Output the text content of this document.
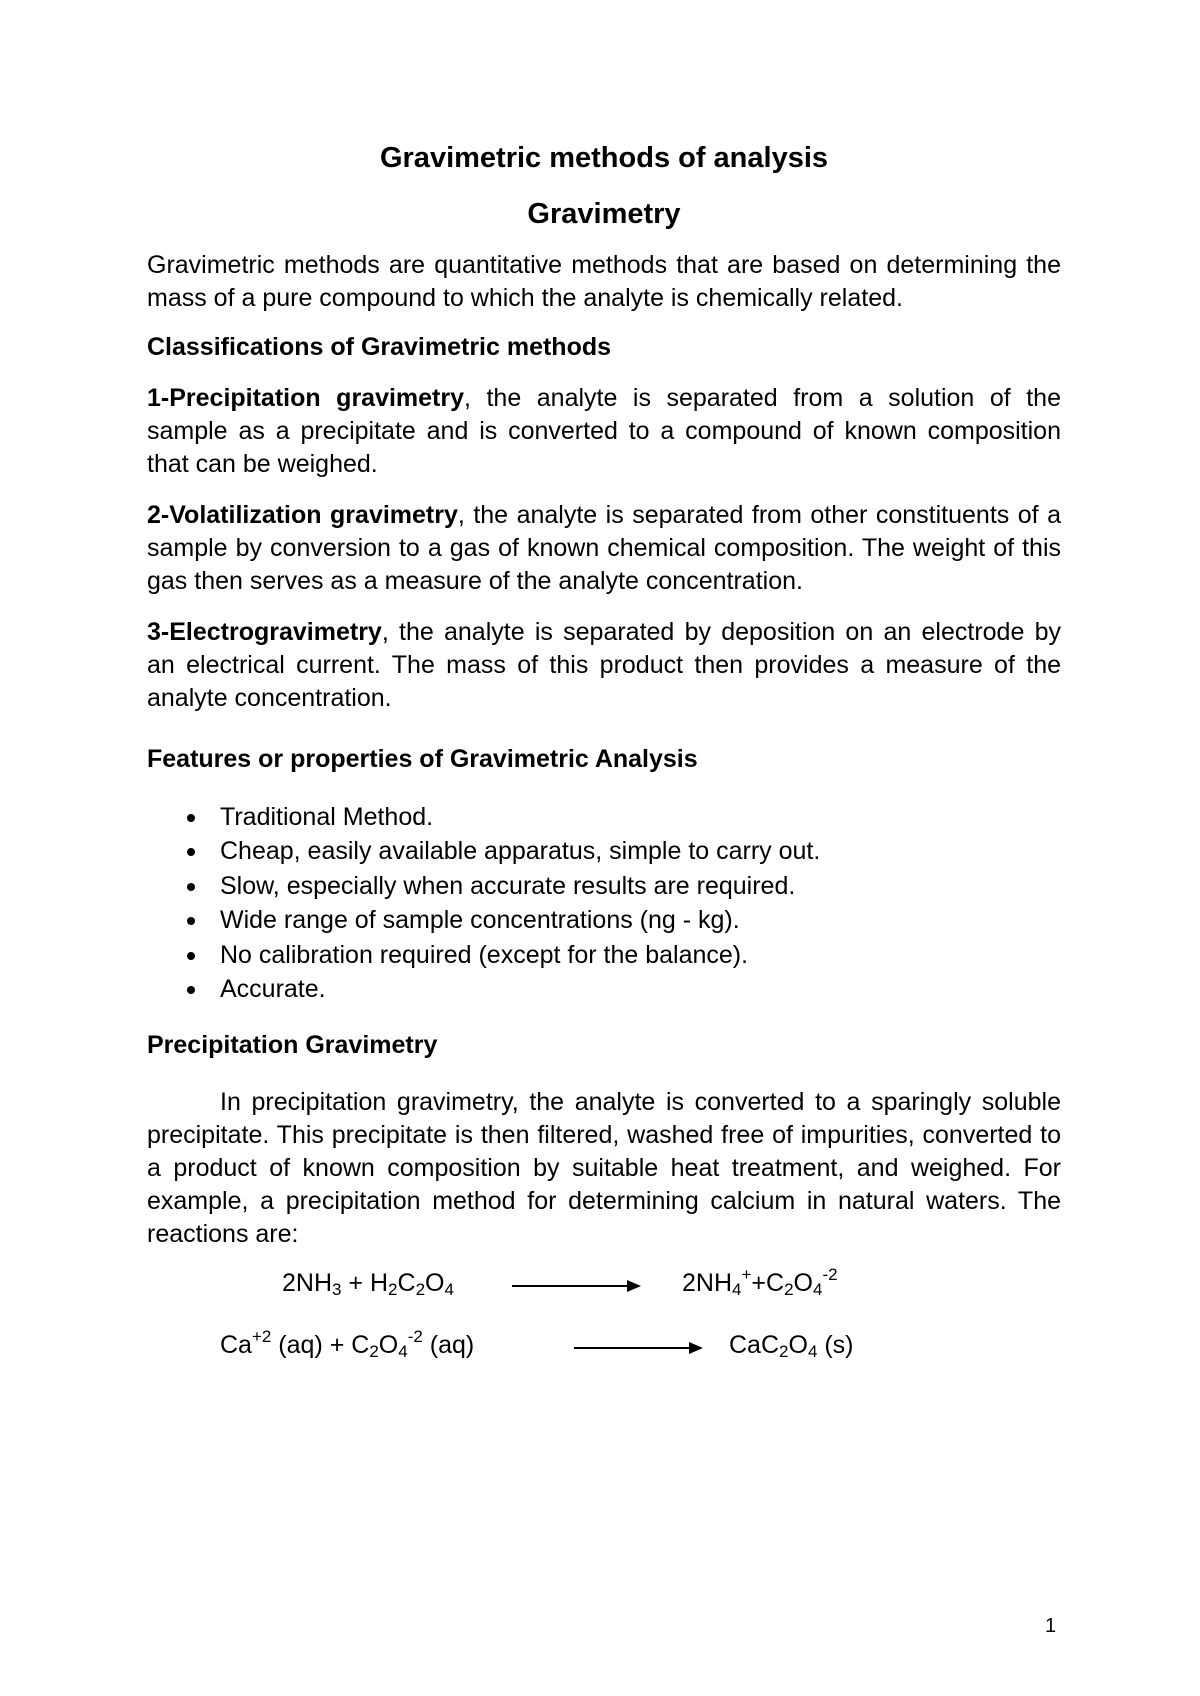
Gravimetric methods of analysis
Gravimetry

Gravimetric methods are quantitative methods that are based on determining the mass of a pure compound to which the analyte is chemically related.

Classifications of Gravimetric methods

1-Precipitation gravimetry, the analyte is separated from a solution of the sample as a precipitate and is converted to a compound of known composition that can be weighed.

2-Volatilization gravimetry, the analyte is separated from other constituents of a sample by conversion to a gas of known chemical composition. The weight of this gas then serves as a measure of the analyte concentration.

3-Electrogravimetry, the analyte is separated by deposition on an electrode by an electrical current. The mass of this product then provides a measure of the analyte concentration.

Features or properties of Gravimetric Analysis
Traditional Method.
Cheap, easily available apparatus, simple to carry out.
Slow, especially when accurate results are required.
Wide range of sample concentrations (ng - kg).
No calibration required (except for the balance).
Accurate.
Precipitation Gravimetry

In precipitation gravimetry, the analyte is converted to a sparingly soluble precipitate. This precipitate is then filtered, washed free of impurities, converted to a product of known composition by suitable heat treatment, and weighed. For example, a precipitation method for determining calcium in natural waters. The reactions are:

$2NH_3 + H_2C_2O_4$	$2NH_4^++C_2O_4^{-2}$
$Ca^{+2}$ $(aq) + C_2O_4^{-2}$ (aq)	$CaC_2O_4$ (s)
1
